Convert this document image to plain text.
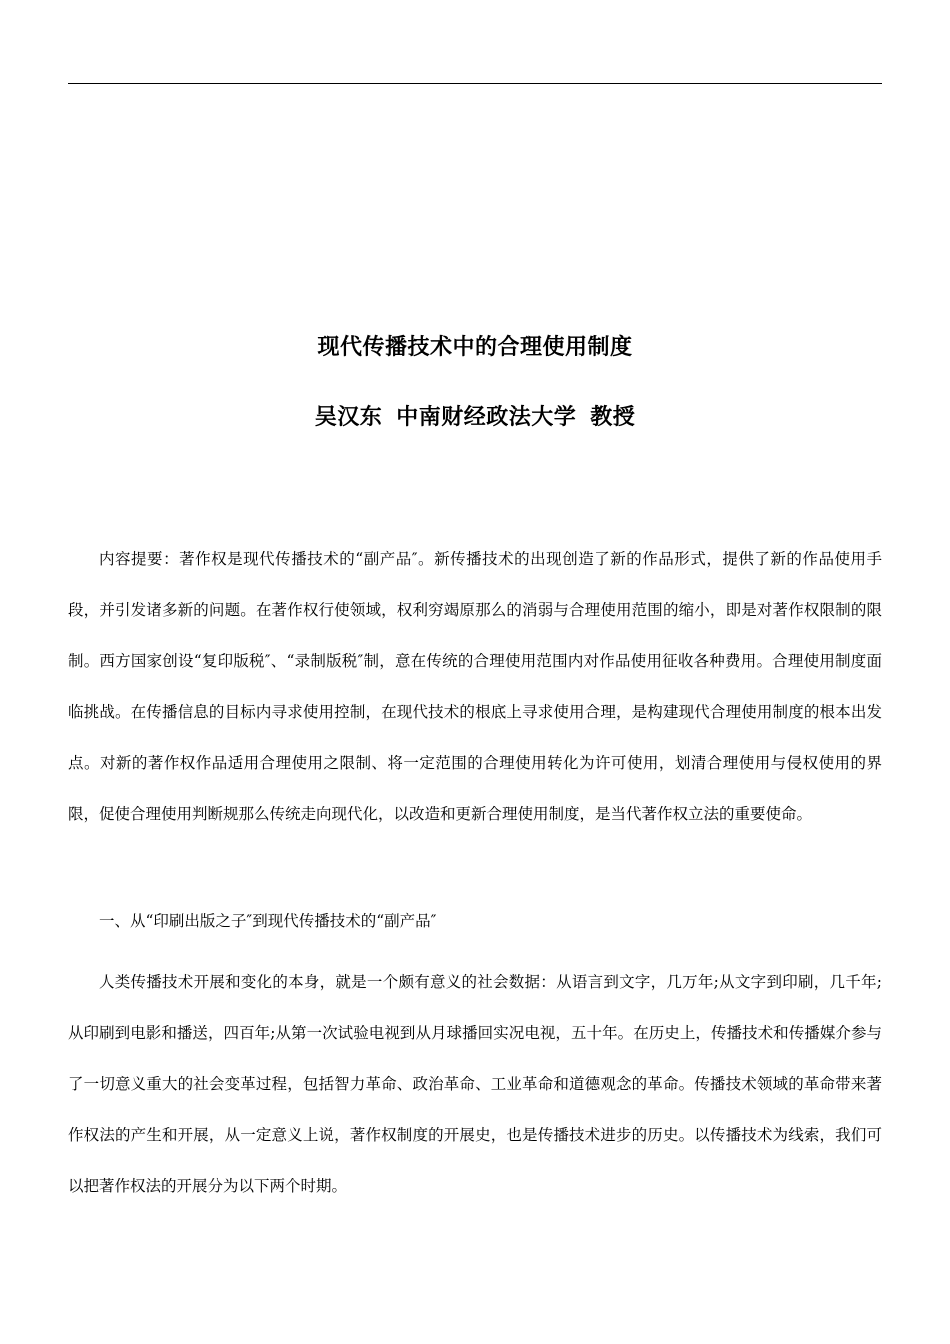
现代传播技术中的合理使用制度
吴汉东 中南财经政法大学 教授

内容提要：著作权是现代传播技术的“副产品″。新传播技术的出现创造了新的作品形式，提供了新的作品使用手段，并引发诸多新的问题。在著作权行使领域，权利穷竭原那么的消弱与合理使用范围的缩小，即是对著作权限制的限制。西方国家创设“复印版税″、“录制版税″制，意在传统的合理使用范围内对作品使用征收各种费用。合理使用制度面临挑战。在传播信息的目标内寻求使用控制，在现代技术的根底上寻求使用合理，是构建现代合理使用制度的根本出发点。对新的著作权作品适用合理使用之限制、将一定范围的合理使用转化为许可使用，划清合理使用与侵权使用的界限，促使合理使用判断规那么传统走向现代化，以改造和更新合理使用制度，是当代著作权立法的重要使命。

一、从“印刷出版之子″到现代传播技术的“副产品″

人类传播技术开展和变化的本身，就是一个颇有意义的社会数据：从语言到文字，几万年;从文字到印刷，几千年;从印刷到电影和播送，四百年;从第一次试验电视到从月球播回实况电视，五十年。在历史上，传播技术和传播媒介参与了一切意义重大的社会变革过程，包括智力革命、政治革命、工业革命和道德观念的革命。传播技术领域的革命带来著作权法的产生和开展，从一定意义上说，著作权制度的开展史，也是传播技术进步的历史。以传播技术为线索，我们可以把著作权法的开展分为以下两个时期。
